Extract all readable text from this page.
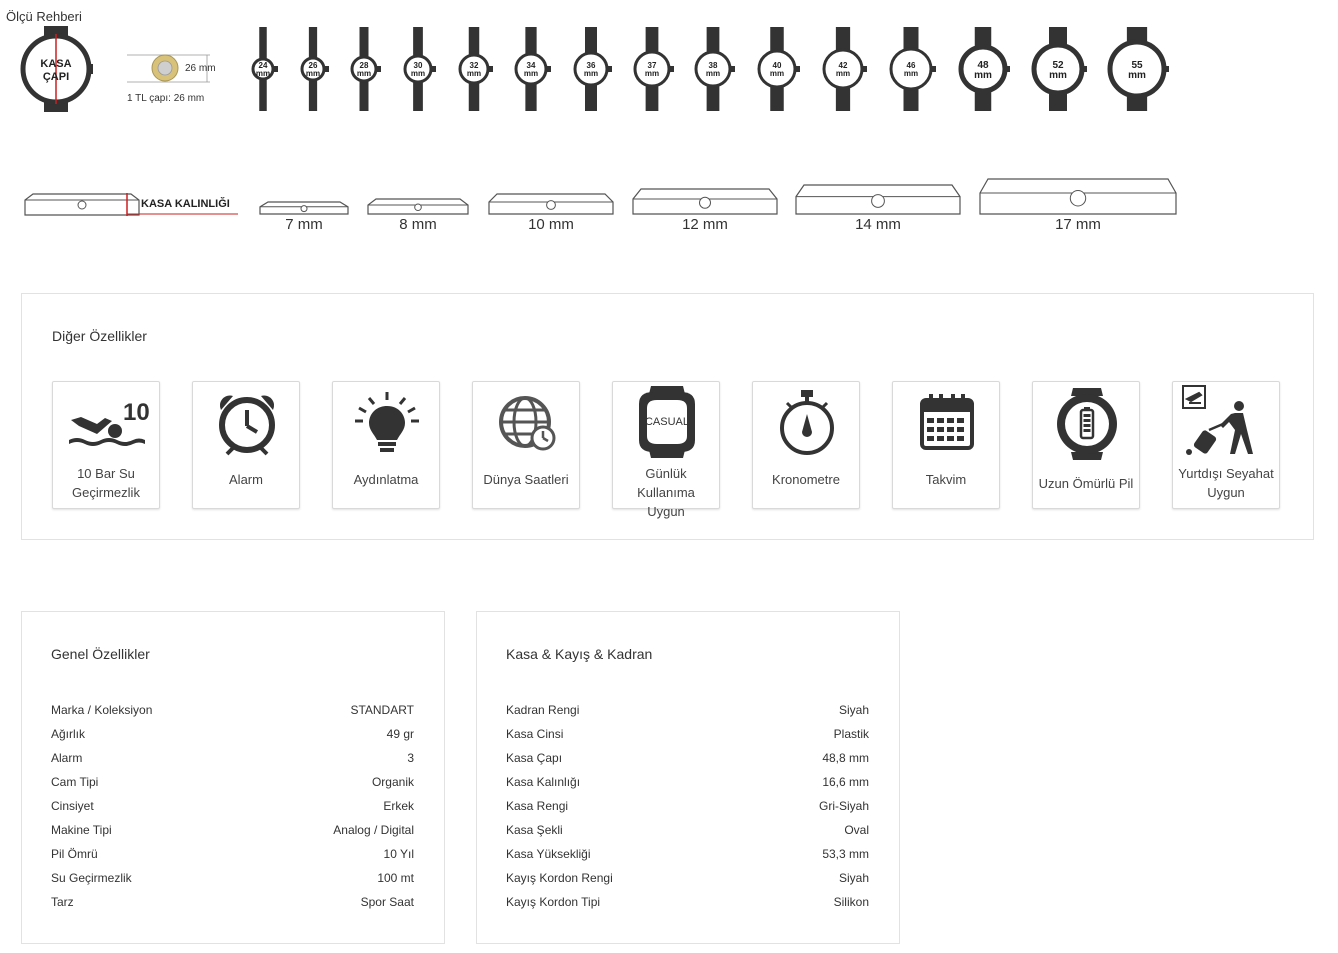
Ölçü Rehberi
KASA
ÇAPI
26 mm
1 TL çapı: 26 mm
24
mm
26
mm
28
mm
30
mm
32
mm
34
mm
36
mm
37
mm
38
mm
40
mm
42
mm
46
mm
48
mm
52
mm
55
mm
KASA KALINLIĞI
7 mm	8 mm	10 mm	12 mm	14 mm	17 mm
Diğer Özellikler
10
10 Bar Su
Geçirmezlik
Alarm	Aydınlatma	Dünya Saatleri
CASUAL
Günlük Kullanıma
Uygun
Kronometre	Takvim	Uzun Ömürlü Pil
Yurtdışı Seyahat
Uygun
Genel Özellikler
Marka / Koleksiyon	STANDART
Ağırlık	49 gr
Alarm	3
Cam Tipi	Organik
Cinsiyet	Erkek
Makine Tipi	Analog / Digital
Pil Ömrü	10 Yıl
Su Geçirmezlik	100 mt
Tarz	Spor Saat
Kasa & Kayış & Kadran
Kadran Rengi	Siyah
Kasa Cinsi	Plastik
Kasa Çapı	48,8 mm
Kasa Kalınlığı	16,6 mm
Kasa Rengi	Gri-Siyah
Kasa Şekli	Oval
Kasa Yüksekliği	53,3 mm
Kayış Kordon Rengi	Siyah
Kayış Kordon Tipi	Silikon
